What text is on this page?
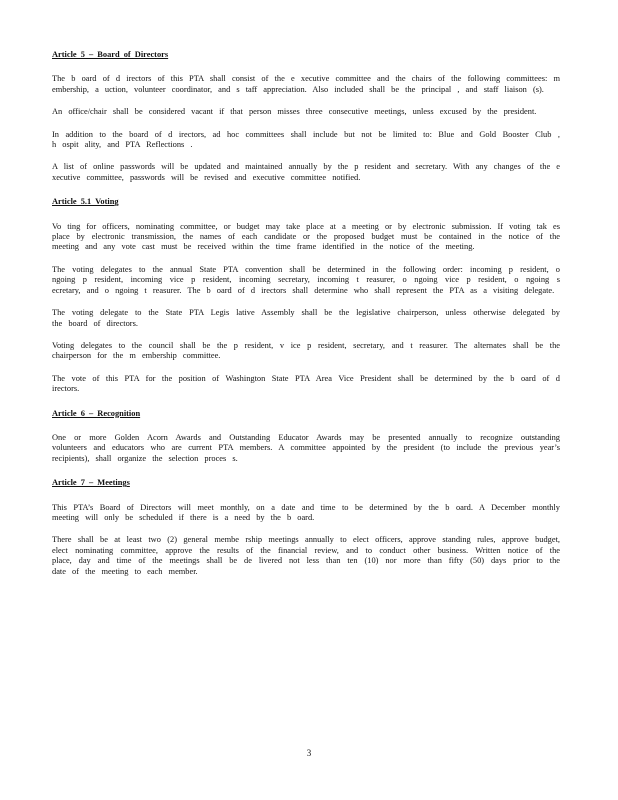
Article 5 – Board of Directors
The b oard of d irectors of this PTA shall consist of the e xecutive committee and the chairs of the following committees: m embership, a uction, volunteer coordinator, and s taff appreciation. Also included shall be the principal , and staff liaison (s).
An office/chair shall be considered vacant if that person misses three consecutive meetings, unless excused by the president.
In addition to the board of d irectors, ad hoc committees shall include but not be limited to: Blue and Gold Booster Club , h ospit ality, and PTA Reflections .
A list of online passwords will be updated and maintained annually by the p resident and secretary. With any changes of the e xecutive committee, passwords will be revised and executive committee notified.
Article 5.1 Voting
Vo ting for officers, nominating committee, or budget may take place at a meeting or by electronic submission. If voting tak es place by electronic transmission, the names of each candidate or the proposed budget must be contained in the notice of the meeting and any vote cast must be received within the time frame identified in the notice of the meeting.
The voting delegates to the annual State PTA convention shall be determined in the following order: incoming p resident, o ngoing p resident, incoming vice p resident, incoming secretary, incoming t reasurer, o ngoing vice p resident, o ngoing s ecretary, and o ngoing t reasurer. The b oard of d irectors shall determine who shall represent the PTA as a visiting delegate.
The voting delegate to the State PTA Legis lative Assembly shall be the legislative chairperson, unless otherwise delegated by the board of directors.
Voting delegates to the council shall be the p resident, v ice p resident, secretary, and t reasurer. The alternates shall be the chairperson for the m embership committee.
The vote of this PTA for the position of Washington State PTA Area Vice President shall be determined by the b oard of d irectors.
Article 6 – Recognition
One or more Golden Acorn Awards and Outstanding Educator Awards may be presented annually to recognize outstanding volunteers and educators who are current PTA members. A committee appointed by the president (to include the previous year’s recipients), shall organize the selection proces s.
Article 7 – Meetings
This PTA’s Board of Directors will meet monthly, on a date and time to be determined by the b oard. A December monthly meeting will only be scheduled if there is a need by the b oard.
There shall be at least two (2) general membe rship meetings annually to elect officers, approve standing rules, approve budget, elect nominating committee, approve the results of the financial review, and to conduct other business. Written notice of the place, day and time of the meetings shall be de livered not less than ten (10) nor more than fifty (50) days prior to the date of the meeting to each member.
3
